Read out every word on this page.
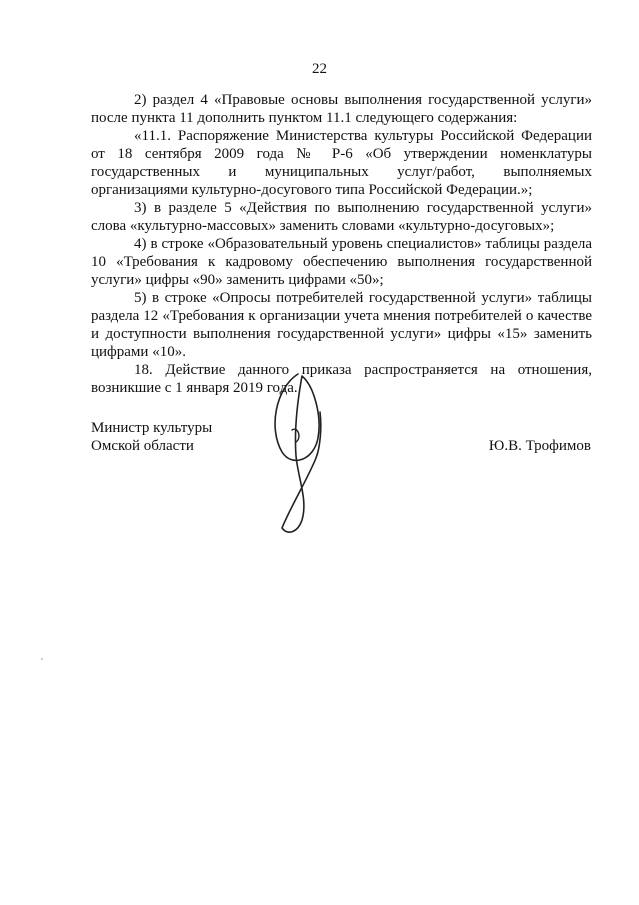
22

2) раздел 4 «Правовые основы выполнения государственной услуги» после пункта 11 дополнить пунктом 11.1 следующего содержания:

«11.1. Распоряжение Министерства культуры Российской Федерации от 18 сентября 2009 года № Р-6 «Об утверждении номенклатуры государственных и муниципальных услуг/работ, выполняемых организациями культурно-досугового типа Российской Федерации.»;

3) в разделе 5 «Действия по выполнению государственной услуги» слова «культурно-массовых» заменить словами «культурно-досуговых»;

4) в строке «Образовательный уровень специалистов» таблицы раздела 10 «Требования к кадровому обеспечению выполнения государственной услуги» цифры «90» заменить цифрами «50»;

5) в строке «Опросы потребителей государственной услуги» таблицы раздела 12 «Требования к организации учета мнения потребителей о качестве и доступности выполнения государственной услуги» цифры «15» заменить цифрами «10».

18. Действие данного приказа распространяется на отношения, возникшие с 1 января 2019 года.

Министр культуры
Омской области	Ю.В. Трофимов
